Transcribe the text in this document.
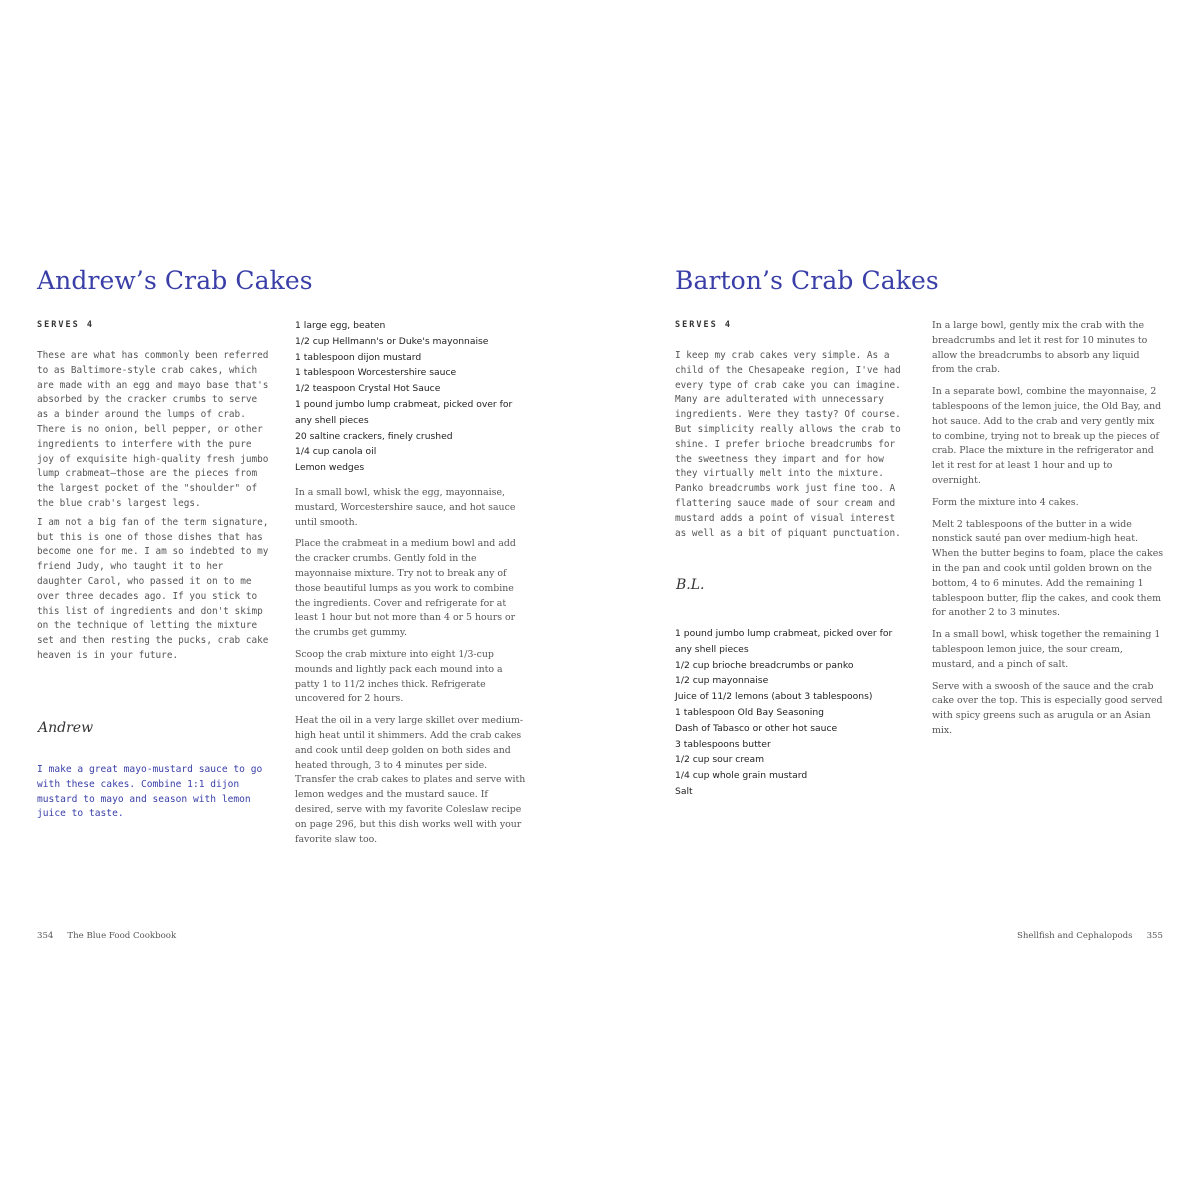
Andrew’s Crab Cakes
SERVES 4

These are what has commonly been referred to as Baltimore-style crab cakes, which are made with an egg and mayo base that's absorbed by the cracker crumbs to serve as a binder around the lumps of crab. There is no onion, bell pepper, or other ingredients to interfere with the pure joy of exquisite high-quality fresh jumbo lump crabmeat—those are the pieces from the largest pocket of the "shoulder" of the blue crab's largest legs.

I am not a big fan of the term signature, but this is one of those dishes that has become one for me. I am so indebted to my friend Judy, who taught it to her daughter Carol, who passed it on to me over three decades ago. If you stick to this list of ingredients and don't skimp on the technique of letting the mixture set and then resting the pucks, crab cake heaven is in your future.

Andrew
I make a great mayo-mustard sauce to go with these cakes. Combine 1:1 dijon mustard to mayo and season with lemon juice to taste.
1 large egg, beaten
1/2 cup Hellmann's or Duke's mayonnaise
1 tablespoon dijon mustard
1 tablespoon Worcestershire sauce
1/2 teaspoon Crystal Hot Sauce
1 pound jumbo lump crabmeat, picked over for any shell pieces
20 saltine crackers, finely crushed
1/4 cup canola oil
Lemon wedges

In a small bowl, whisk the egg, mayonnaise, mustard, Worcestershire sauce, and hot sauce until smooth.

Place the crabmeat in a medium bowl and add the cracker crumbs. Gently fold in the mayonnaise mixture. Try not to break any of those beautiful lumps as you work to combine the ingredients. Cover and refrigerate for at least 1 hour but not more than 4 or 5 hours or the crumbs get gummy.

Scoop the crab mixture into eight 1/3-cup mounds and lightly pack each mound into a patty 1 to 11/2 inches thick. Refrigerate uncovered for 2 hours.

Heat the oil in a very large skillet over medium-high heat until it shimmers. Add the crab cakes and cook until deep golden on both sides and heated through, 3 to 4 minutes per side. Transfer the crab cakes to plates and serve with lemon wedges and the mustard sauce. If desired, serve with my favorite Coleslaw recipe on page 296, but this dish works well with your favorite slaw too.

354 The Blue Food Cookbook
Barton’s Crab Cakes
SERVES 4

I keep my crab cakes very simple. As a child of the Chesapeake region, I've had every type of crab cake you can imagine. Many are adulterated with unnecessary ingredients. Were they tasty? Of course. But simplicity really allows the crab to shine. I prefer brioche breadcrumbs for the sweetness they impart and for how they virtually melt into the mixture. Panko breadcrumbs work just fine too. A flattering sauce made of sour cream and mustard adds a point of visual interest as well as a bit of piquant punctuation.

B.L.
1 pound jumbo lump crabmeat, picked over for any shell pieces
1/2 cup brioche breadcrumbs or panko
1/2 cup mayonnaise
Juice of 11/2 lemons (about 3 tablespoons)
1 tablespoon Old Bay Seasoning
Dash of Tabasco or other hot sauce
3 tablespoons butter
1/2 cup sour cream
1/4 cup whole grain mustard
Salt

In a large bowl, gently mix the crab with the breadcrumbs and let it rest for 10 minutes to allow the breadcrumbs to absorb any liquid from the crab.

In a separate bowl, combine the mayonnaise, 2 tablespoons of the lemon juice, the Old Bay, and hot sauce. Add to the crab and very gently mix to combine, trying not to break up the pieces of crab. Place the mixture in the refrigerator and let it rest for at least 1 hour and up to overnight.

Form the mixture into 4 cakes.

Melt 2 tablespoons of the butter in a wide nonstick sauté pan over medium-high heat. When the butter begins to foam, place the cakes in the pan and cook until golden brown on the bottom, 4 to 6 minutes. Add the remaining 1 tablespoon butter, flip the cakes, and cook them for another 2 to 3 minutes.

In a small bowl, whisk together the remaining 1 tablespoon lemon juice, the sour cream, mustard, and a pinch of salt.

Serve with a swoosh of the sauce and the crab cake over the top. This is especially good served with spicy greens such as arugula or an Asian mix.

Shellfish and Cephalopods 355
